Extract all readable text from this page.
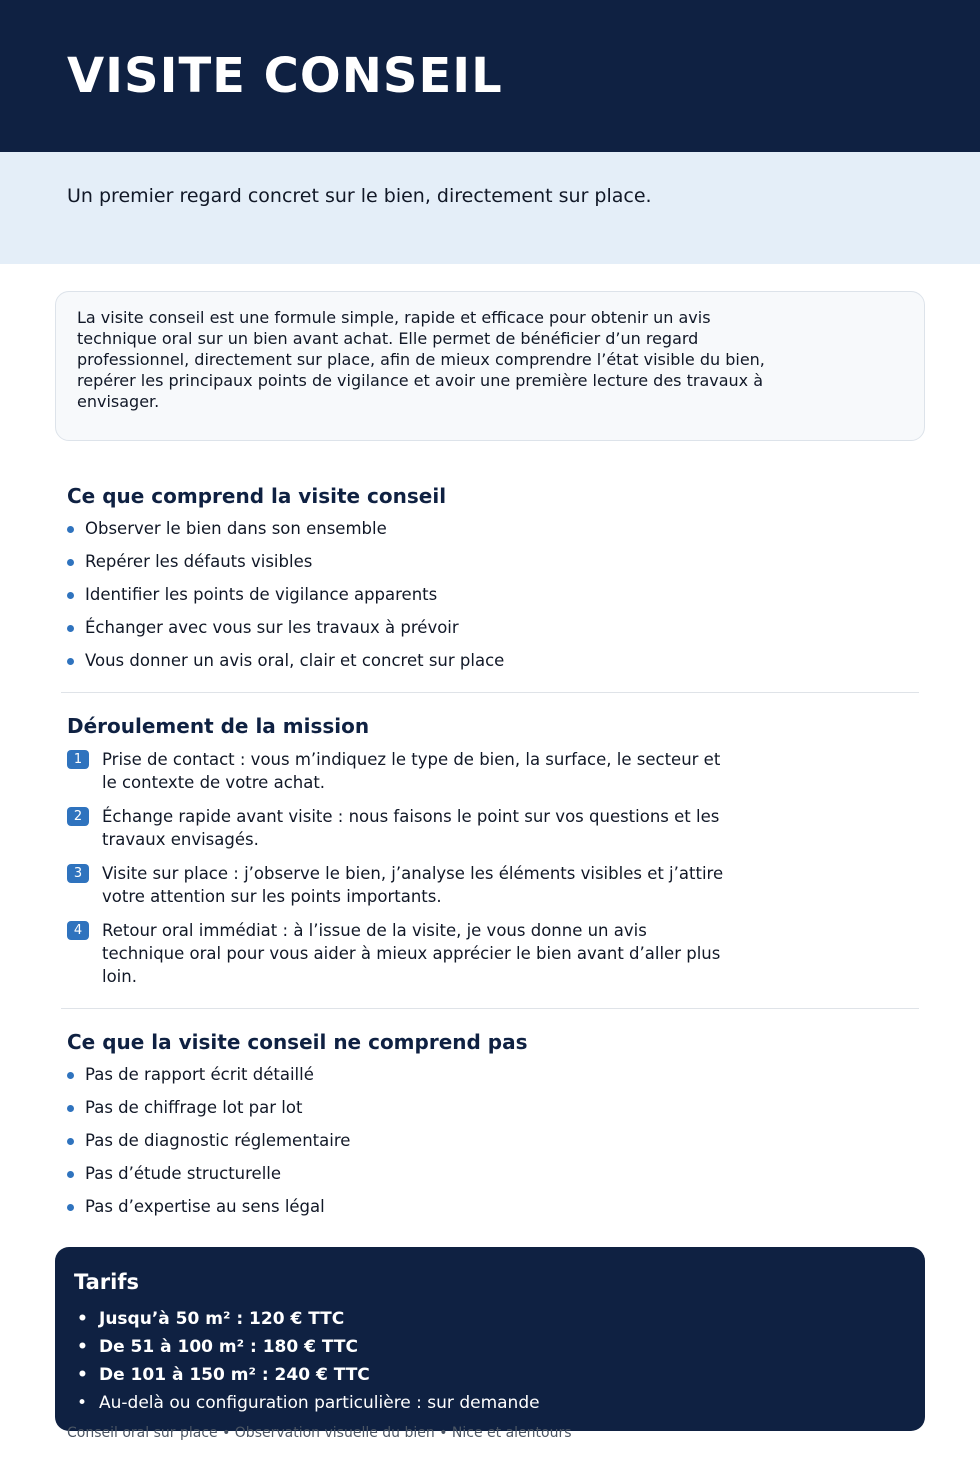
VISITE CONSEIL
Un premier regard concret sur le bien, directement sur place.
La visite conseil est une formule simple, rapide et efficace pour obtenir un avis technique oral sur un bien avant achat. Elle permet de bénéficier d’un regard professionnel, directement sur place, afin de mieux comprendre l’état visible du bien, repérer les principaux points de vigilance et avoir une première lecture des travaux à envisager.
Ce que comprend la visite conseil
Observer le bien dans son ensemble
Repérer les défauts visibles
Identifier les points de vigilance apparents
Échanger avec vous sur les travaux à prévoir
Vous donner un avis oral, clair et concret sur place
Déroulement de la mission
1	Prise de contact : vous m’indiquez le type de bien, la surface, le secteur et le contexte de votre achat.
2	Échange rapide avant visite : nous faisons le point sur vos questions et les travaux envisagés.
3	Visite sur place : j’observe le bien, j’analyse les éléments visibles et j’attire votre attention sur les points importants.
4	Retour oral immédiat : à l’issue de la visite, je vous donne un avis technique oral pour vous aider à mieux apprécier le bien avant d’aller plus loin.
Ce que la visite conseil ne comprend pas
Pas de rapport écrit détaillé
Pas de chiffrage lot par lot
Pas de diagnostic réglementaire
Pas d’étude structurelle
Pas d’expertise au sens légal
Tarifs
• Jusqu’à 50 m² : 120 € TTC
• De 51 à 100 m² : 180 € TTC
• De 101 à 150 m² : 240 € TTC
• Au-delà ou configuration particulière : sur demande
Conseil oral sur place • Observation visuelle du bien • Nice et alentours
